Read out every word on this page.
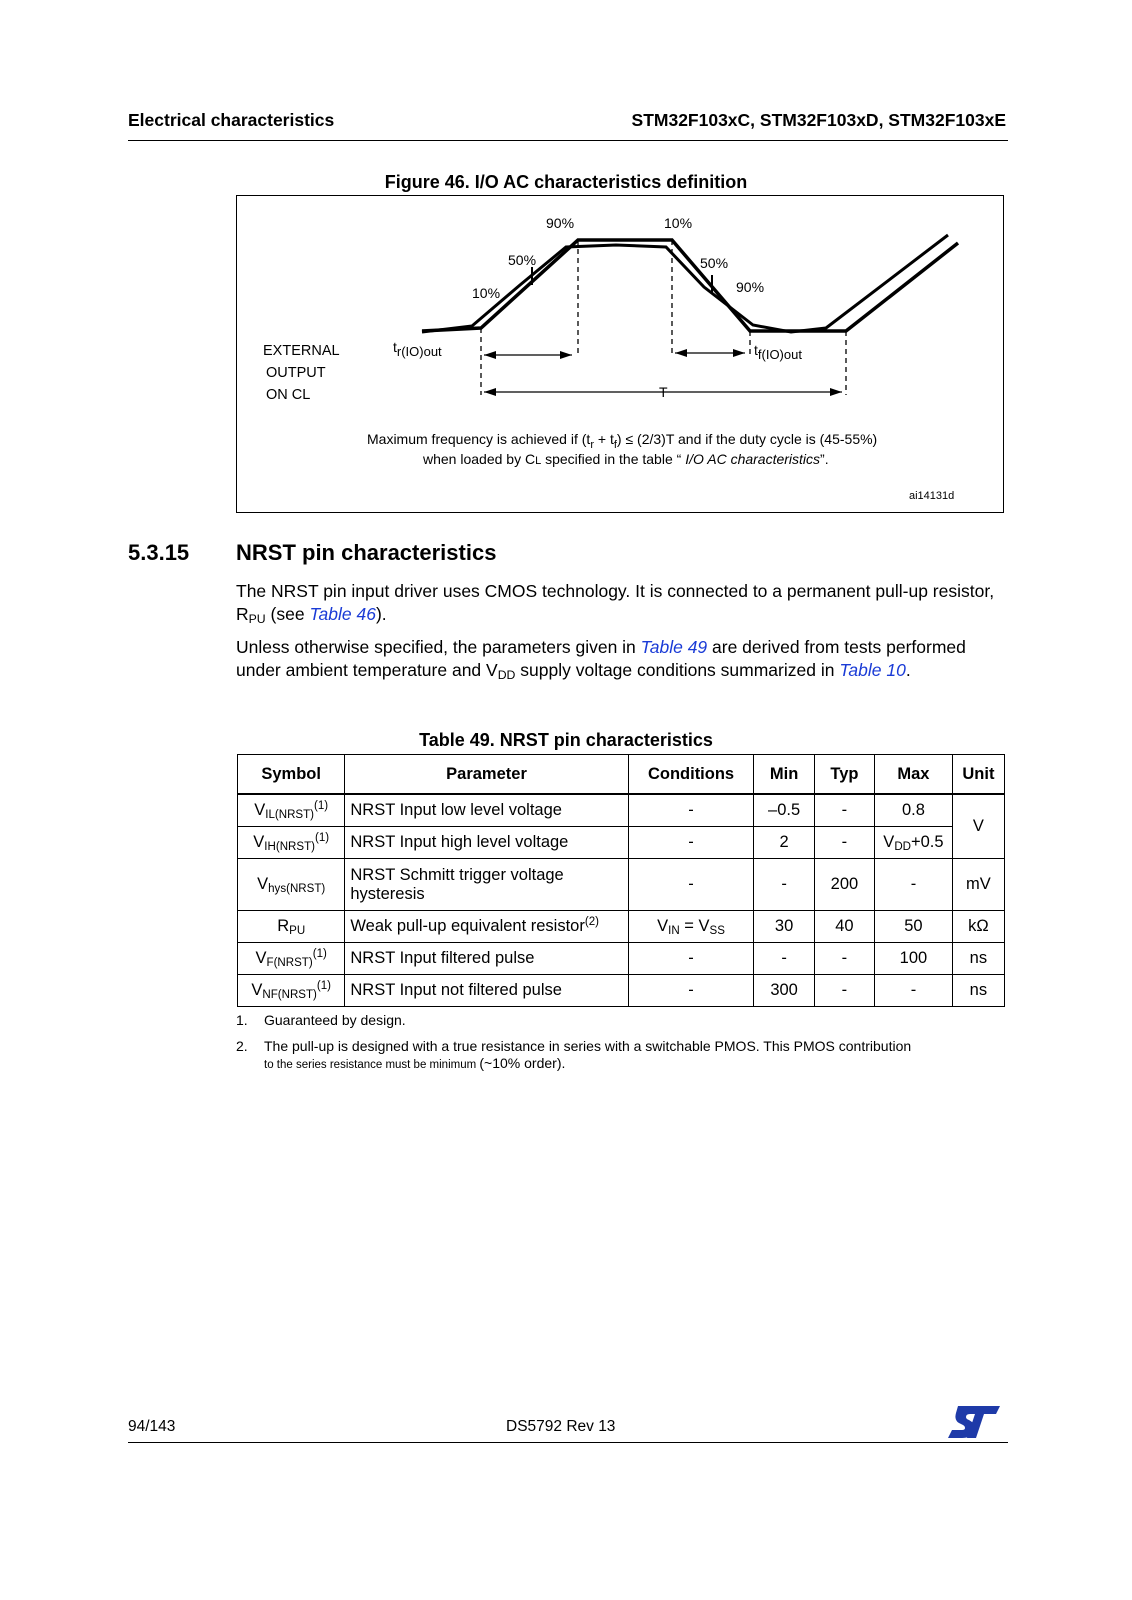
Electrical characteristics	STM32F103xC, STM32F103xD, STM32F103xE
Figure 46. I/O AC characteristics definition
90%
50%
10%
10%
50%
90%
EXTERNAL
OUTPUT
ON CL
tr(IO)out	tf(IO)out
T
Maximum frequency is achieved if $(t_r + t_f) \le (2/3)T$ and if the duty cycle is (45-55%)
when loaded by CL specified in the table “ I/O AC characteristics”.
ai14131d
5.3.15 NRST pin characteristics
The NRST pin input driver uses CMOS technology. It is connected to a permanent pull-up resistor, $R_{PU}$ (see Table 46).
Unless otherwise specified, the parameters given in Table 49 are derived from tests performed under ambient temperature and $V_{DD}$ supply voltage conditions summarized in Table 10.
Table 49. NRST pin characteristics
Symbol	Parameter	Conditions	Min	Typ	Max	Unit
$V_{IL(NRST)}^{(1)}$	NRST Input low level voltage	-	–0.5	-	0.8	V
$V_{IH(NRST)}^{(1)}$	NRST Input high level voltage	-	2	-	$V_{DD}+0.5$	
$V_{hys(NRST)}$	NRST Schmitt trigger voltage
hysteresis	-	-	200	-	mV
$R_{PU}$	Weak pull-up equivalent resistor$^{(2)}$	$V_{IN} = V_{SS}$	30	40	50	kΩ
$V_{F(NRST)}^{(1)}$	NRST Input filtered pulse	-	-	-	100	ns
$V_{NF(NRST)}^{(1)}$	NRST Input not filtered pulse	-	300	-	-	ns
1. Guaranteed by design.
2. The pull-up is designed with a true resistance in series with a switchable PMOS. This PMOS contribution
to the series resistance must be minimum (~10% order).
94/143	DS5792 Rev 13
